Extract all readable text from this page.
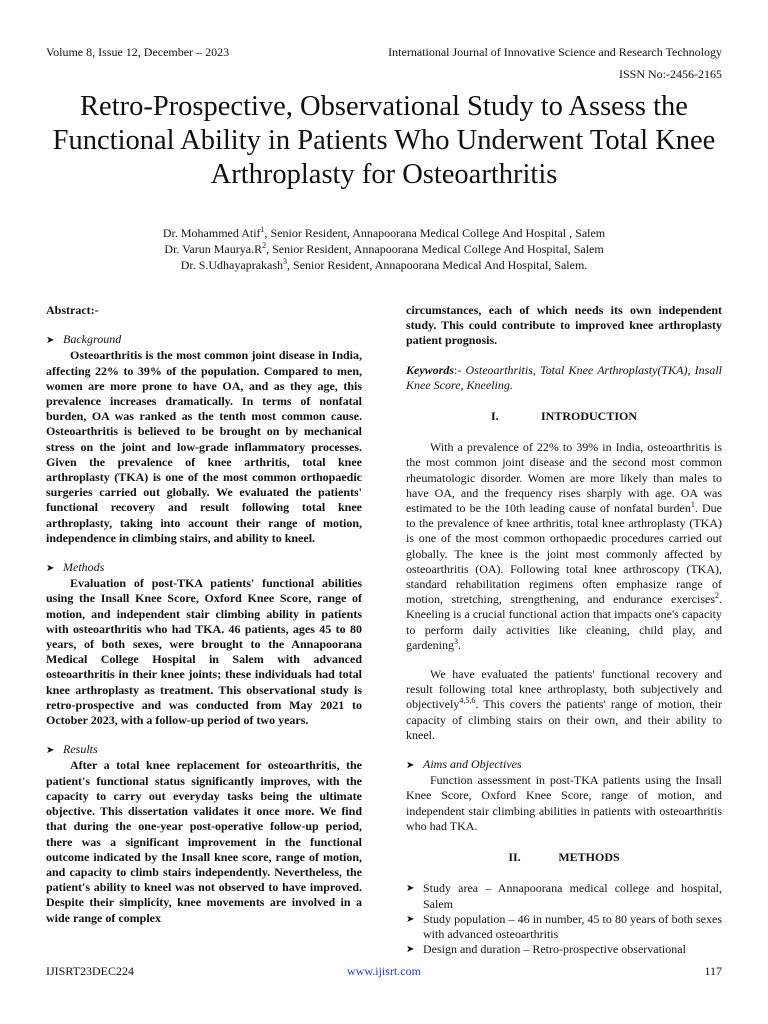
Volume 8, Issue 12, December – 2023	International Journal of Innovative Science and Research Technology
ISSN No:-2456-2165
Retro-Prospective, Observational Study to Assess the Functional Ability in Patients Who Underwent Total Knee Arthroplasty for Osteoarthritis
Dr. Mohammed Atif$^1$, Senior Resident, Annapoorana Medical College And Hospital , Salem
Dr. Varun $Maurya.R^2$, Senior Resident, Annapoorana Medical College And Hospital, Salem
Dr. S.Udhayaprakash$^3$, Senior Resident, Annapoorana Medical And Hospital, Salem.

Abstract:-

➤ Background

Osteoarthritis is the most common joint disease in India, affecting 22% to 39% of the population. Compared to men, women are more prone to have OA, and as they age, this prevalence increases dramatically. In terms of nonfatal burden, OA was ranked as the tenth most common cause. Osteoarthritis is believed to be brought on by mechanical stress on the joint and low-grade inflammatory processes. Given the prevalence of knee arthritis, total knee arthroplasty (TKA) is one of the most common orthopaedic surgeries carried out globally. We evaluated the patients' functional recovery and result following total knee arthroplasty, taking into account their range of motion, independence in climbing stairs, and ability to kneel.

➤ Methods

Evaluation of post-TKA patients' functional abilities using the Insall Knee Score, Oxford Knee Score, range of motion, and independent stair climbing ability in patients with osteoarthritis who had TKA. 46 patients, ages 45 to 80 years, of both sexes, were brought to the Annapoorana Medical College Hospital in Salem with advanced osteoarthritis in their knee joints; these individuals had total knee arthroplasty as treatment. This observational study is retro-prospective and was conducted from May 2021 to October 2023, with a follow-up period of two years.

➤ Results

After a total knee replacement for osteoarthritis, the patient's functional status significantly improves, with the capacity to carry out everyday tasks being the ultimate objective. This dissertation validates it once more. We find that during the one-year post-operative follow-up period, there was a significant improvement in the functional outcome indicated by the Insall knee score, range of motion, and capacity to climb stairs independently. Nevertheless, the patient's ability to kneel was not observed to have improved. Despite their simplicity, knee movements are involved in a wide range of complex

circumstances, each of which needs its own independent study. This could contribute to improved knee arthroplasty patient prognosis.

Keywords:- Osteoarthritis, Total Knee Arthroplasty(TKA), Insall Knee Score, Kneeling.

I.	INTRODUCTION

With a prevalence of 22% to 39% in India, osteoarthritis is the most common joint disease and the second most common rheumatologic disorder. Women are more likely than males to have OA, and the frequency rises sharply with age. OA was estimated to be the 10th leading cause of nonfatal burden$^1$. Due to the prevalence of knee arthritis, total knee arthroplasty (TKA) is one of the most common orthopaedic procedures carried out globally. The knee is the joint most commonly affected by osteoarthritis (OA). Following total knee arthroscopy (TKA), standard rehabilitation regimens often emphasize range of motion, stretching, strengthening, and endurance exercises$^2$. Kneeling is a crucial functional action that impacts one's capacity to perform daily activities like cleaning, child play, and gardening$^3$.

We have evaluated the patients' functional recovery and result following total knee arthroplasty, both subjectively and objectively$^{4,5,6}$. This covers the patients' range of motion, their capacity of climbing stairs on their own, and their ability to kneel.

➤ Aims and Objectives

Function assessment in post-TKA patients using the Insall Knee Score, Oxford Knee Score, range of motion, and independent stair climbing abilities in patients with osteoarthritis who had TKA.

II.	METHODS

➤ Study area – Annapoorana medical college and hospital, Salem
➤ Study population – 46 in number, 45 to 80 years of both sexes with advanced osteoarthritis
➤ Design and duration – Retro-prospective observational
IJISRT23DEC224	www.ijisrt.com	117
